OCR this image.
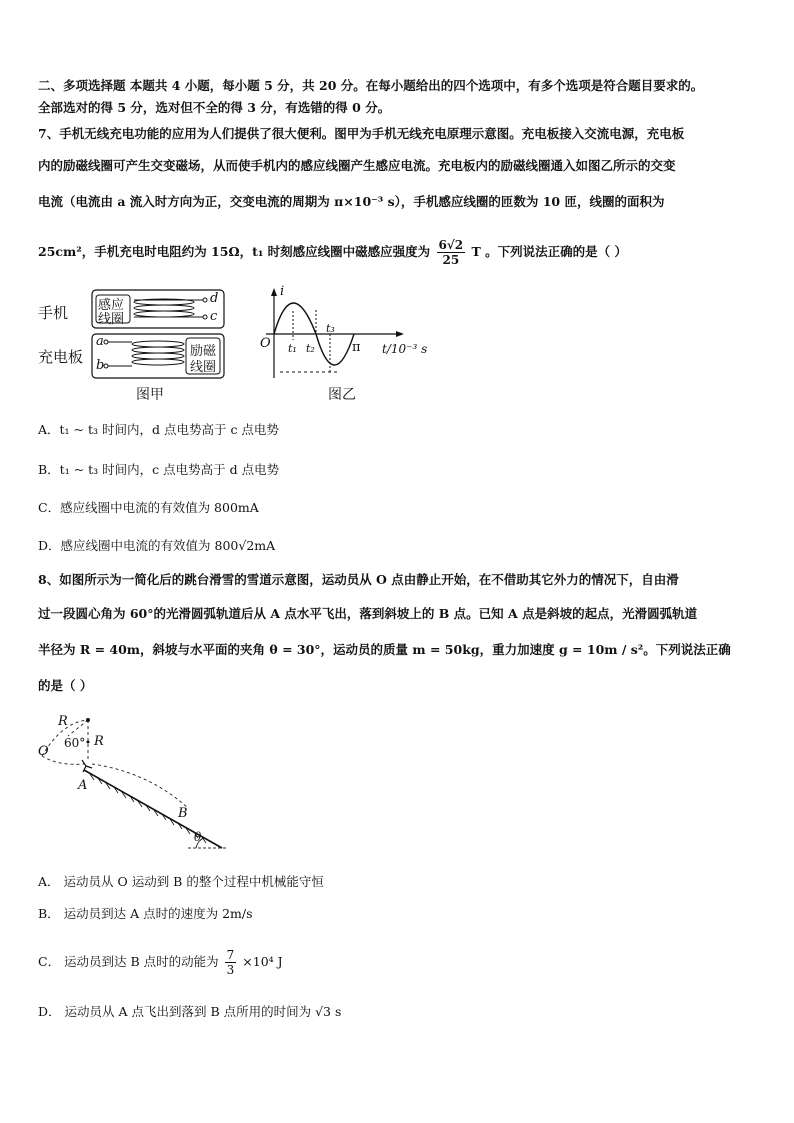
二、多项选择题 本题共 4 小题，每小题 5 分，共 20 分。在每小题给出的四个选项中，有多个选项是符合题目要求的。
全部选对的得 5 分，选对但不全的得 3 分，有选错的得 0 分。
7、手机无线充电功能的应用为人们提供了很大便利。图甲为手机无线充电原理示意图。充电板接入交流电源，充电板
内的励磁线圈可产生交变磁场，从而使手机内的感应线圈产生感应电流。充电板内的励磁线圈通入如图乙所示的交变
电流（电流由 a 流入时方向为正，交变电流的周期为 π×10⁻³ s），手机感应线圈的匝数为 10 匝，线圈的面积为
25cm²，手机充电时电阻约为 15Ω，t₁ 时刻感应线圈中磁感应强度为 $\frac{6√2}{25}$ T 。下列说法正确的是（ ）
手机
充电板
感应
线圈
励磁
线圈
d
c
a
b
图甲
i
O t₁ t₂
t₃
π t/10⁻³ s
图乙
A．t₁ ~ t₃ 时间内，d 点电势高于 c 点电势
B．t₁ ~ t₃ 时间内，c 点电势高于 d 点电势
C．感应线圈中电流的有效值为 800mA
D．感应线圈中电流的有效值为 800√2mA
8、如图所示为一简化后的跳台滑雪的雪道示意图，运动员从 O 点由静止开始，在不借助其它外力的情况下，自由滑
过一段圆心角为 60°的光滑圆弧轨道后从 A 点水平飞出，落到斜坡上的 B 点。已知 A 点是斜坡的起点，光滑圆弧轨道
半径为 R = 40m，斜坡与水平面的夹角 θ = 30°，运动员的质量 m = 50kg，重力加速度 g = 10m / s²。下列说法正确
的是（ ）
R
R
60°
O
A
B
θ
A． 运动员从 O 运动到 B 的整个过程中机械能守恒
B． 运动员到达 A 点时的速度为 2m/s
C． 运动员到达 B 点时的动能为 $\frac{7}{3} \times 10^4$ J
D． 运动员从 A 点飞出到落到 B 点所用的时间为 √3 s
